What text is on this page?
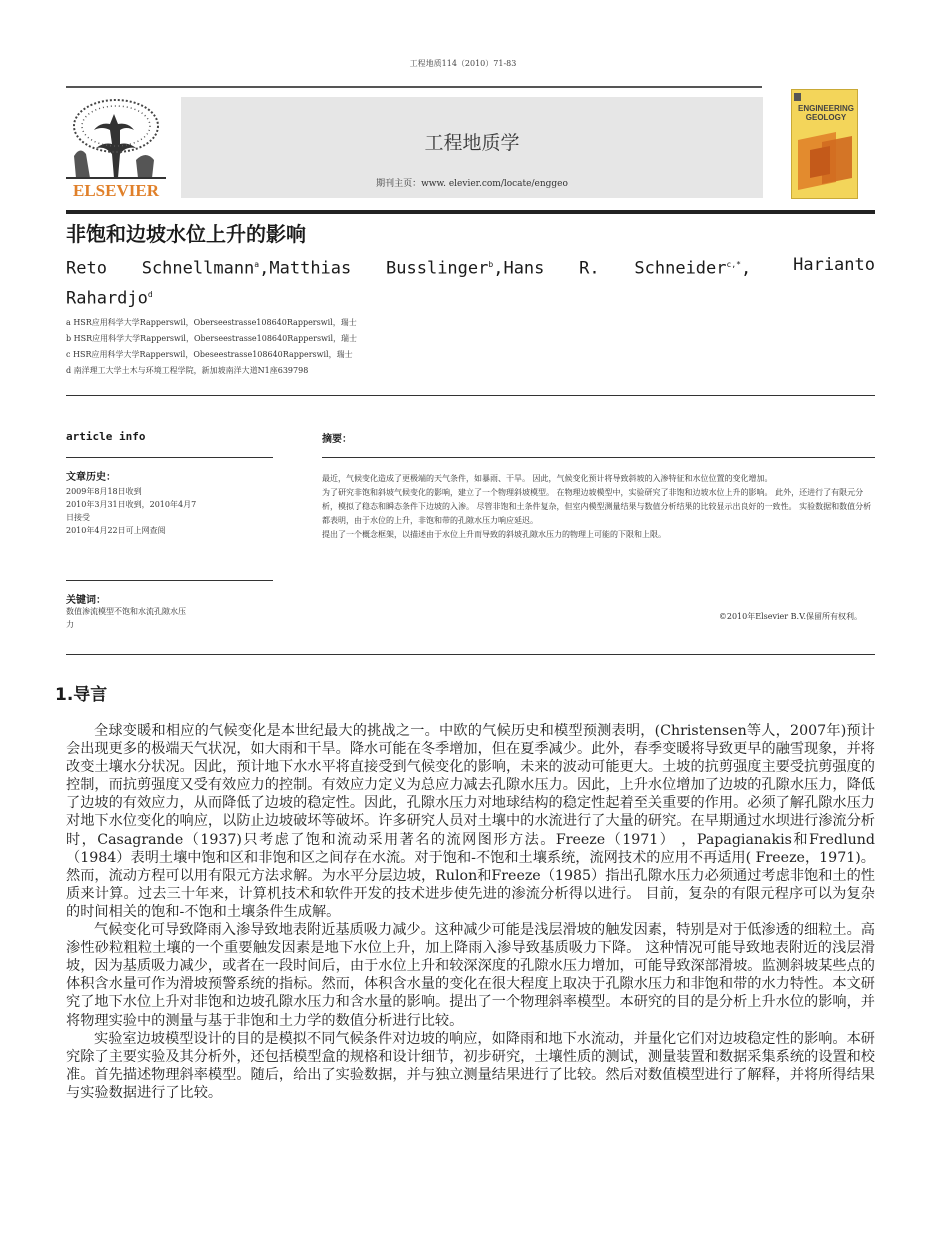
工程地质114（2010）71-83
ELSEVIER
工程地质学
期刊主页：www. elevier.com/locate/enggeo
ENGINEERING GEOLOGY
非饱和边坡水位上升的影响
Reto Schnellmann$^a$,Matthias Busslinger$^b$,Hans R. Schneider$^{c,*}$,	Harianto
Rahardjo$^d$
a HSR应用科学大学Rapperswil，Oberseestrasse108640Rapperswil，瑞士
b HSR应用科学大学Rapperswil，Oberseestrasse108640Rapperswil，瑞士
c HSR应用科学大学Rapperswil，Obeseestrasse108640Rapperswil，瑞士
d 南洋理工大学土木与环境工程学院，新加坡南洋大道N1座639798
article info
文章历史：
2009年8月18日收到
2010年3月31日收到，2010年4月7
日接受
2010年4月22日可上网查阅
关键词：
数值渗流模型不饱和水流孔隙水压
力
摘要：

最近，气候变化造成了更极端的天气条件，如暴雨、干旱。 因此，气候变化预计将导致斜坡的入渗特征和水位位置的变化增加。

为了研究非饱和斜坡气候变化的影响，建立了一个物理斜坡模型。 在物理边坡模型中，实验研究了非饱和边坡水位上升的影响。 此外，还进行了有限元分析，模拟了稳态和瞬态条件下边坡的入渗。 尽管非饱和土条件复杂，但室内模型测量结果与数值分析结果的比较显示出良好的一致性。 实验数据和数值分析都表明，由于水位的上升，非饱和带的孔隙水压力响应延迟。

提出了一个概念框架，以描述由于水位上升而导致的斜坡孔隙水压力的物理上可能的下限和上限。

©2010年Elsevier B.V.保留所有权利。
1.导言

全球变暖和相应的气候变化是本世纪最大的挑战之一。中欧的气候历史和模型预测表明，(Christensen等人，2007年)预计会出现更多的极端天气状况，如大雨和干旱。降水可能在冬季增加，但在夏季减少。此外，春季变暖将导致更早的融雪现象，并将改变土壤水分状况。因此，预计地下水水平将直接受到气候变化的影响，未来的波动可能更大。土坡的抗剪强度主要受抗剪强度的控制，而抗剪强度又受有效应力的控制。有效应力定义为总应力减去孔隙水压力。因此，上升水位增加了边坡的孔隙水压力，降低了边坡的有效应力，从而降低了边坡的稳定性。因此，孔隙水压力对地球结构的稳定性起着至关重要的作用。必须了解孔隙水压力对地下水位变化的响应，以防止边坡破坏等破坏。许多研究人员对土壤中的水流进行了大量的研究。在早期通过水坝进行渗流分析时，Casagrande（1937)只考虑了饱和流动采用著名的流网图形方法。Freeze（1971） ，Papagianakis和Fredlund（1984）表明土壤中饱和区和非饱和区之间存在水流。对于饱和-不饱和土壤系统，流网技术的应用不再适用( Freeze，1971)。然而，流动方程可以用有限元方法求解。为水平分层边坡，Rulon和Freeze（1985）指出孔隙水压力必须通过考虑非饱和土的性质来计算。过去三十年来，计算机技术和软件开发的技术进步使先进的渗流分析得以进行。 目前，复杂的有限元程序可以为复杂的时间相关的饱和-不饱和土壤条件生成解。

气候变化可导致降雨入渗导致地表附近基质吸力减少。这种减少可能是浅层滑坡的触发因素，特别是对于低渗透的细粒土。高渗性砂粒粗粒土壤的一个重要触发因素是地下水位上升，加上降雨入渗导致基质吸力下降。 这种情况可能导致地表附近的浅层滑坡，因为基质吸力减少，或者在一段时间后，由于水位上升和较深深度的孔隙水压力增加，可能导致深部滑坡。监测斜坡某些点的体积含水量可作为滑坡预警系统的指标。然而，体积含水量的变化在很大程度上取决于孔隙水压力和非饱和带的水力特性。本文研究了地下水位上升对非饱和边坡孔隙水压力和含水量的影响。提出了一个物理斜率模型。本研究的目的是分析上升水位的影响，并将物理实验中的测量与基于非饱和土力学的数值分析进行比较。

实验室边坡模型设计的目的是模拟不同气候条件对边坡的响应，如降雨和地下水流动，并量化它们对边坡稳定性的影响。本研究除了主要实验及其分析外，还包括模型盒的规格和设计细节，初步研究，土壤性质的测试，测量装置和数据采集系统的设置和校准。首先描述物理斜率模型。随后，给出了实验数据，并与独立测量结果进行了比较。然后对数值模型进行了解释，并将所得结果与实验数据进行了比较。
